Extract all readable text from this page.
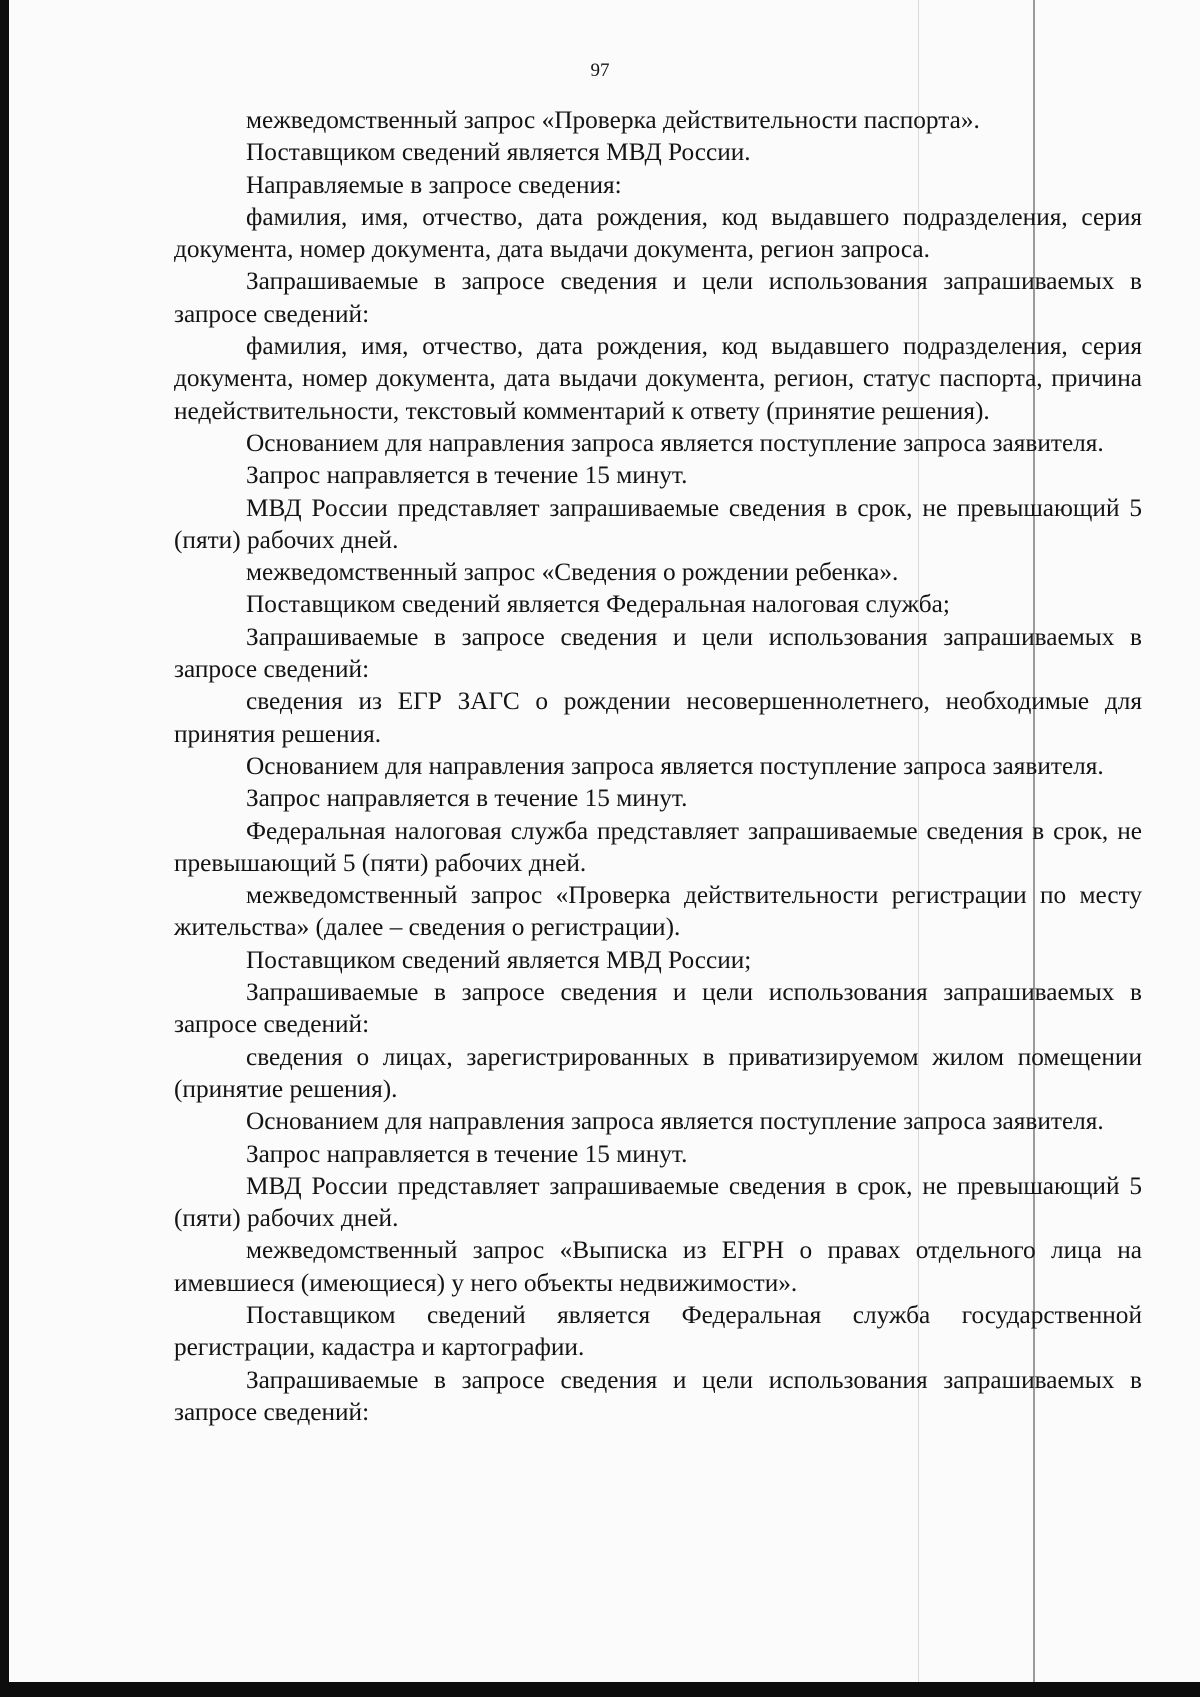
97

межведомственный запрос «Проверка действительности паспорта».

Поставщиком сведений является МВД России.

Направляемые в запросе сведения:

фамилия, имя, отчество, дата рождения, код выдавшего подразделения, серия документа, номер документа, дата выдачи документа, регион запроса.

Запрашиваемые в запросе сведения и цели использования запрашиваемых в запросе сведений:

фамилия, имя, отчество, дата рождения, код выдавшего подразделения, серия документа, номер документа, дата выдачи документа, регион, статус паспорта, причина недействительности, текстовый комментарий к ответу (принятие решения).

Основанием для направления запроса является поступление запроса заявителя.

Запрос направляется в течение 15 минут.

МВД России представляет запрашиваемые сведения в срок, не превышающий 5 (пяти) рабочих дней.

межведомственный запрос «Сведения о рождении ребенка».

Поставщиком сведений является Федеральная налоговая служба;

Запрашиваемые в запросе сведения и цели использования запрашиваемых в запросе сведений:

сведения из ЕГР ЗАГС о рождении несовершеннолетнего, необходимые для принятия решения.

Основанием для направления запроса является поступление запроса заявителя.

Запрос направляется в течение 15 минут.

Федеральная налоговая служба представляет запрашиваемые сведения в срок, не превышающий 5 (пяти) рабочих дней.

межведомственный запрос «Проверка действительности регистрации по месту жительства» (далее – сведения о регистрации).

Поставщиком сведений является МВД России;

Запрашиваемые в запросе сведения и цели использования запрашиваемых в запросе сведений:

сведения о лицах, зарегистрированных в приватизируемом жилом помещении (принятие решения).

Основанием для направления запроса является поступление запроса заявителя.

Запрос направляется в течение 15 минут.

МВД России представляет запрашиваемые сведения в срок, не превышающий 5 (пяти) рабочих дней.

межведомственный запрос «Выписка из ЕГРН о правах отдельного лица на имевшиеся (имеющиеся) у него объекты недвижимости».

Поставщиком сведений является Федеральная служба государственной регистрации, кадастра и картографии.

Запрашиваемые в запросе сведения и цели использования запрашиваемых в запросе сведений:
